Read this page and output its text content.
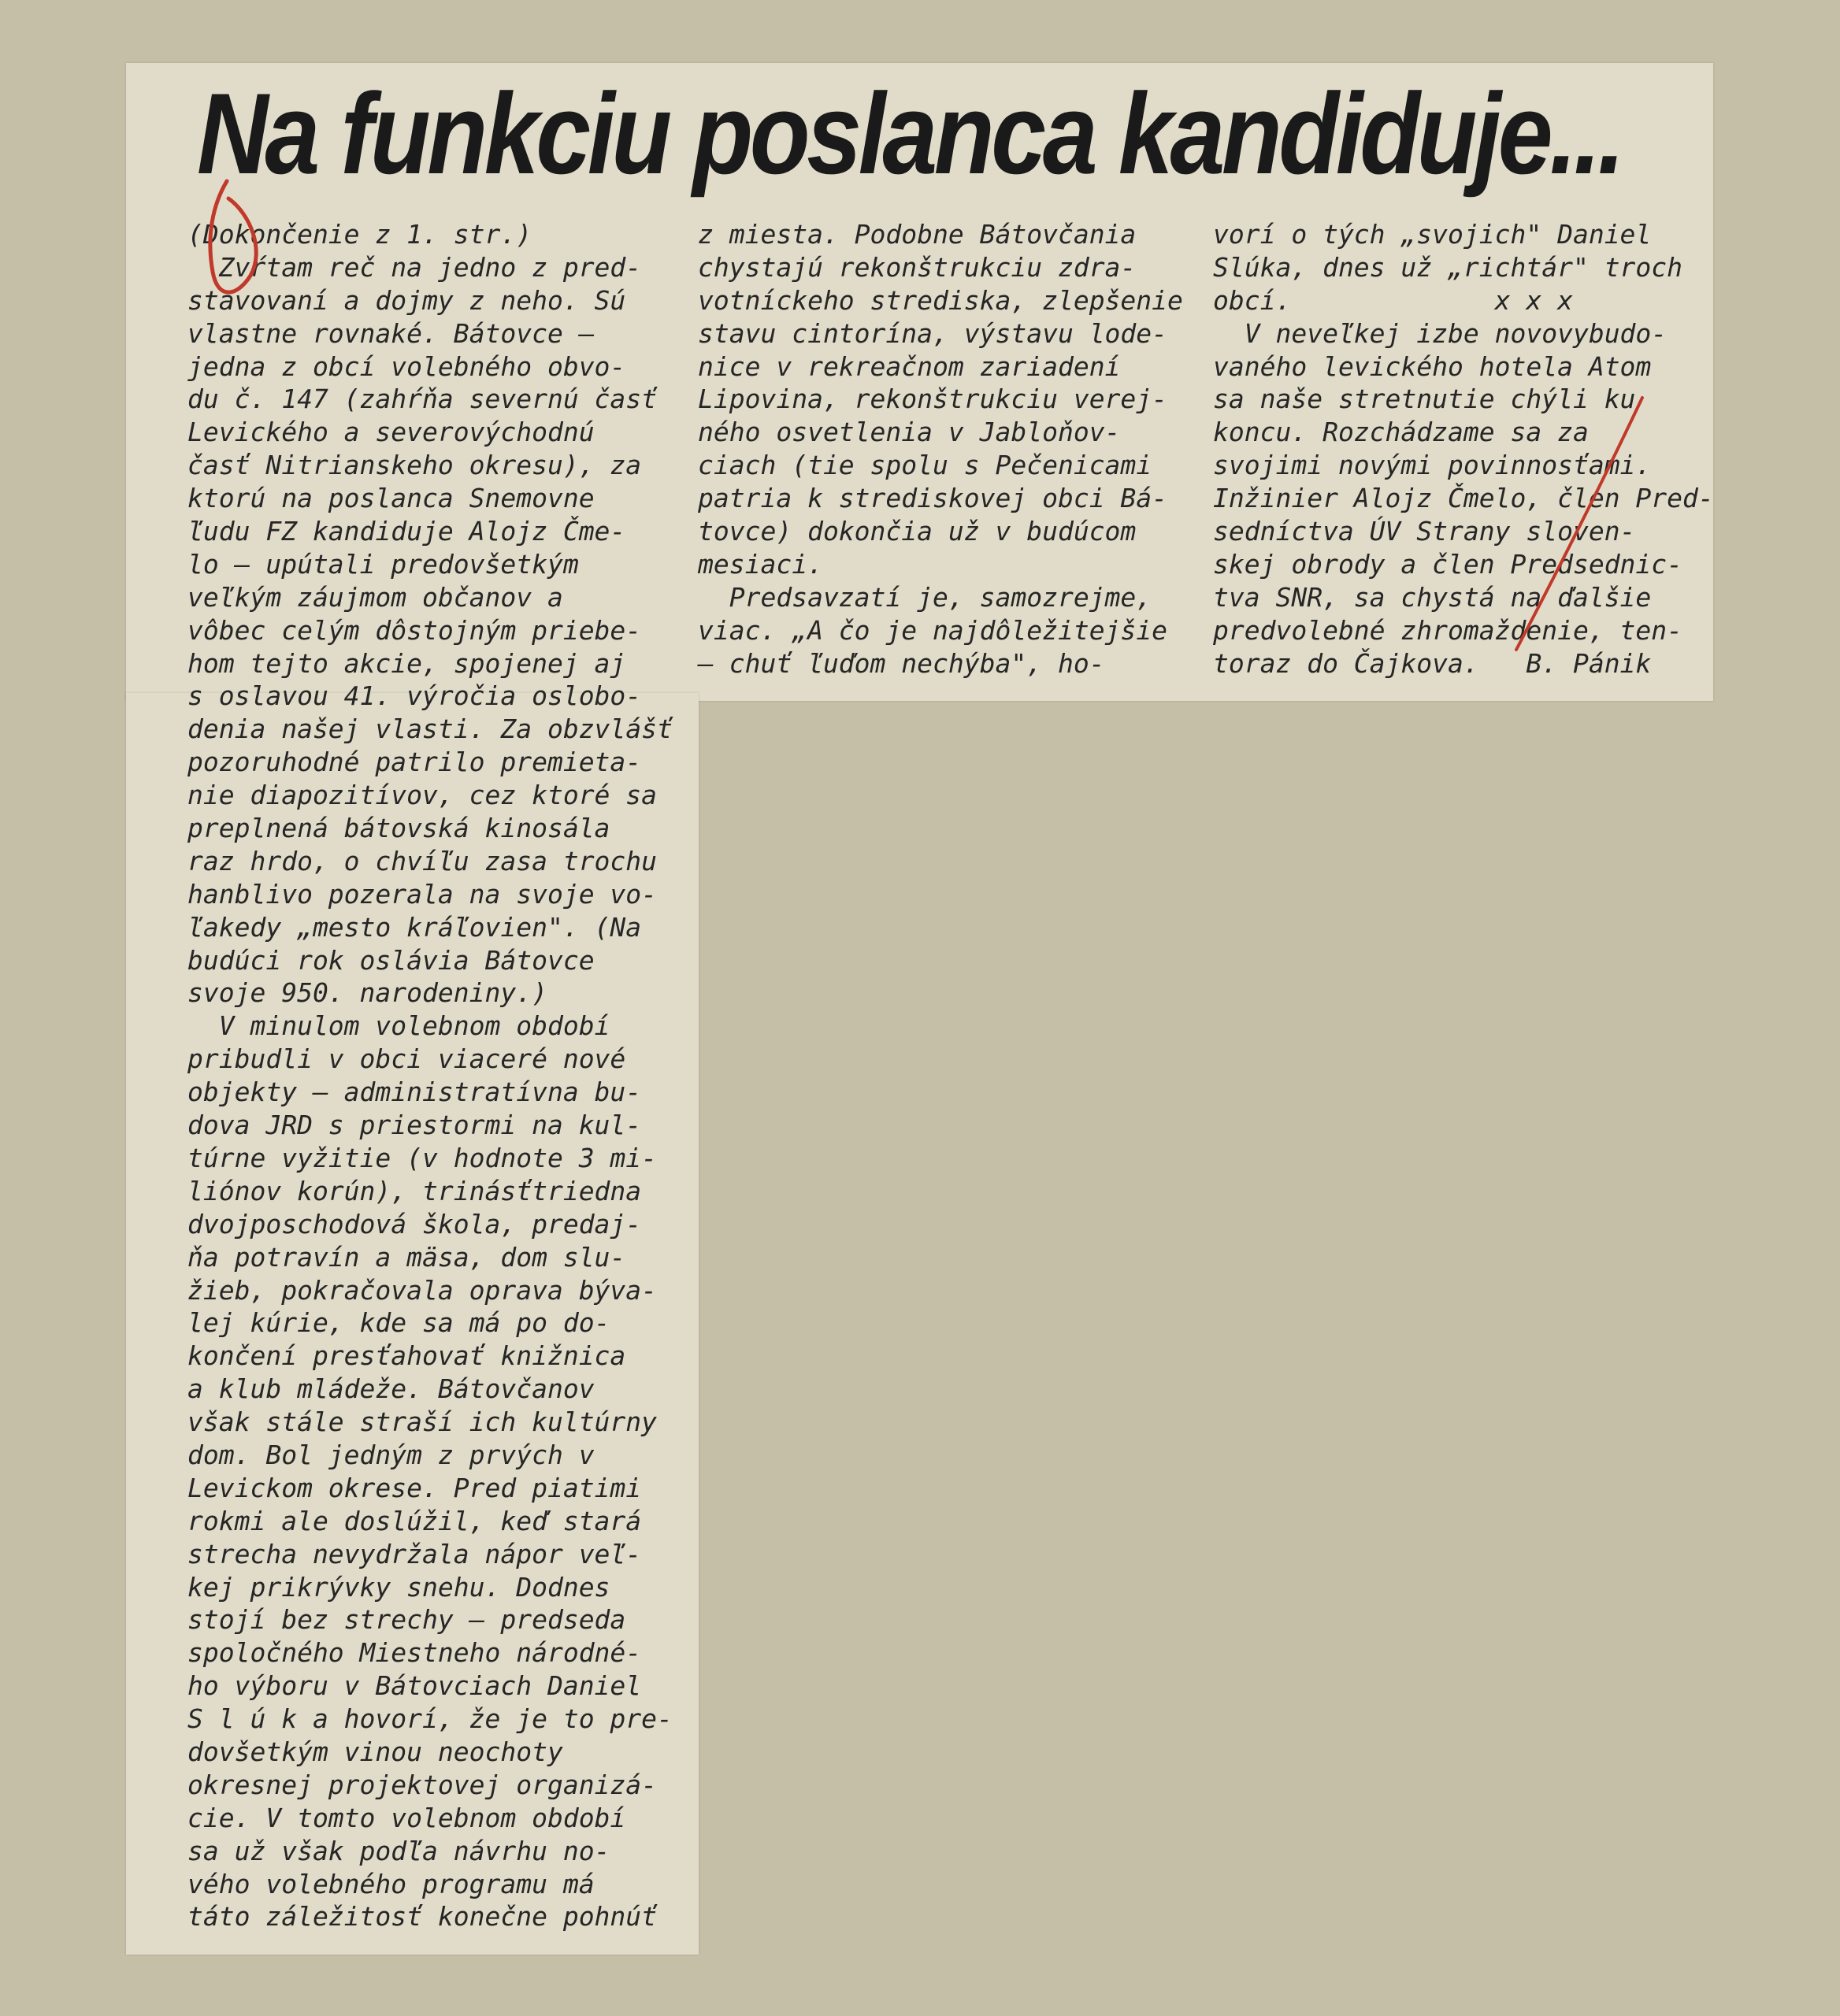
Na funkciu poslanca kandiduje...
(Dokončenie z 1. str.)
Zvŕtam reč na jedno z pred-
stavovaní a dojmy z neho. Sú
vlastne rovnaké. Bátovce —
jedna z obcí volebného obvo-
du č. 147 (zahŕňa severnú časť
Levického a severovýchodnú
časť Nitrianskeho okresu), za
ktorú na poslanca Snemovne
ľudu FZ kandiduje Alojz Čme-
lo — upútali predovšetkým
veľkým záujmom občanov a
vôbec celým dôstojným priebe-
hom tejto akcie, spojenej aj
s oslavou 41. výročia oslobo-
denia našej vlasti. Za obzvlášť
pozoruhodné patrilo premieta-
nie diapozitívov, cez ktoré sa
preplnená bátovská kinosála
raz hrdo, o chvíľu zasa trochu
hanblivo pozerala na svoje vo-
ľakedy „mesto kráľovien". (Na
budúci rok oslávia Bátovce
svoje 950. narodeniny.)
V minulom volebnom období
pribudli v obci viaceré nové
objekty — administratívna bu-
dova JRD s priestormi na kul-
túrne vyžitie (v hodnote 3 mi-
liónov korún), trinásťtriedna
dvojposchodová škola, predaj-
ňa potravín a mäsa, dom slu-
žieb, pokračovala oprava býva-
lej kúrie, kde sa má po do-
končení presťahovať knižnica
a klub mládeže. Bátovčanov
však stále straší ich kultúrny
dom. Bol jedným z prvých v
Levickom okrese. Pred piatimi
rokmi ale doslúžil, keď stará
strecha nevydržala nápor veľ-
kej prikrývky snehu. Dodnes
stojí bez strechy — predseda
spoločného Miestneho národné-
ho výboru v Bátovciach Daniel
S l ú k a hovorí, že je to pre-
dovšetkým vinou neochoty
okresnej projektovej organizá-
cie. V tomto volebnom období
sa už však podľa návrhu no-
vého volebného programu má
táto záležitosť konečne pohnúť
z miesta. Podobne Bátovčania
chystajú rekonštrukciu zdra-
votníckeho strediska, zlepšenie
stavu cintorína, výstavu lode-
nice v rekreačnom zariadení
Lipovina, rekonštrukciu verej-
ného osvetlenia v Jabloňov-
ciach (tie spolu s Pečenicami
patria k strediskovej obci Bá-
tovce) dokončia už v budúcom
mesiaci.
Predsavzatí je, samozrejme,
viac. „A čo je najdôležitejšie
— chuť ľuďom nechýba", ho-
vorí o tých „svojich" Daniel
Slúka, dnes už „richtár" troch
obcí.             x x x
V neveľkej izbe novovybudo-
vaného levického hotela Atom
sa naše stretnutie chýli ku
koncu. Rozchádzame sa za
svojimi novými povinnosťami.
Inžinier Alojz Čmelo, člen Pred-
sedníctva ÚV Strany sloven-
skej obrody a člen Predsednic-
tva SNR, sa chystá na ďalšie
predvolebné zhromaždenie, ten-
toraz do Čajkova.   B. Pánik
